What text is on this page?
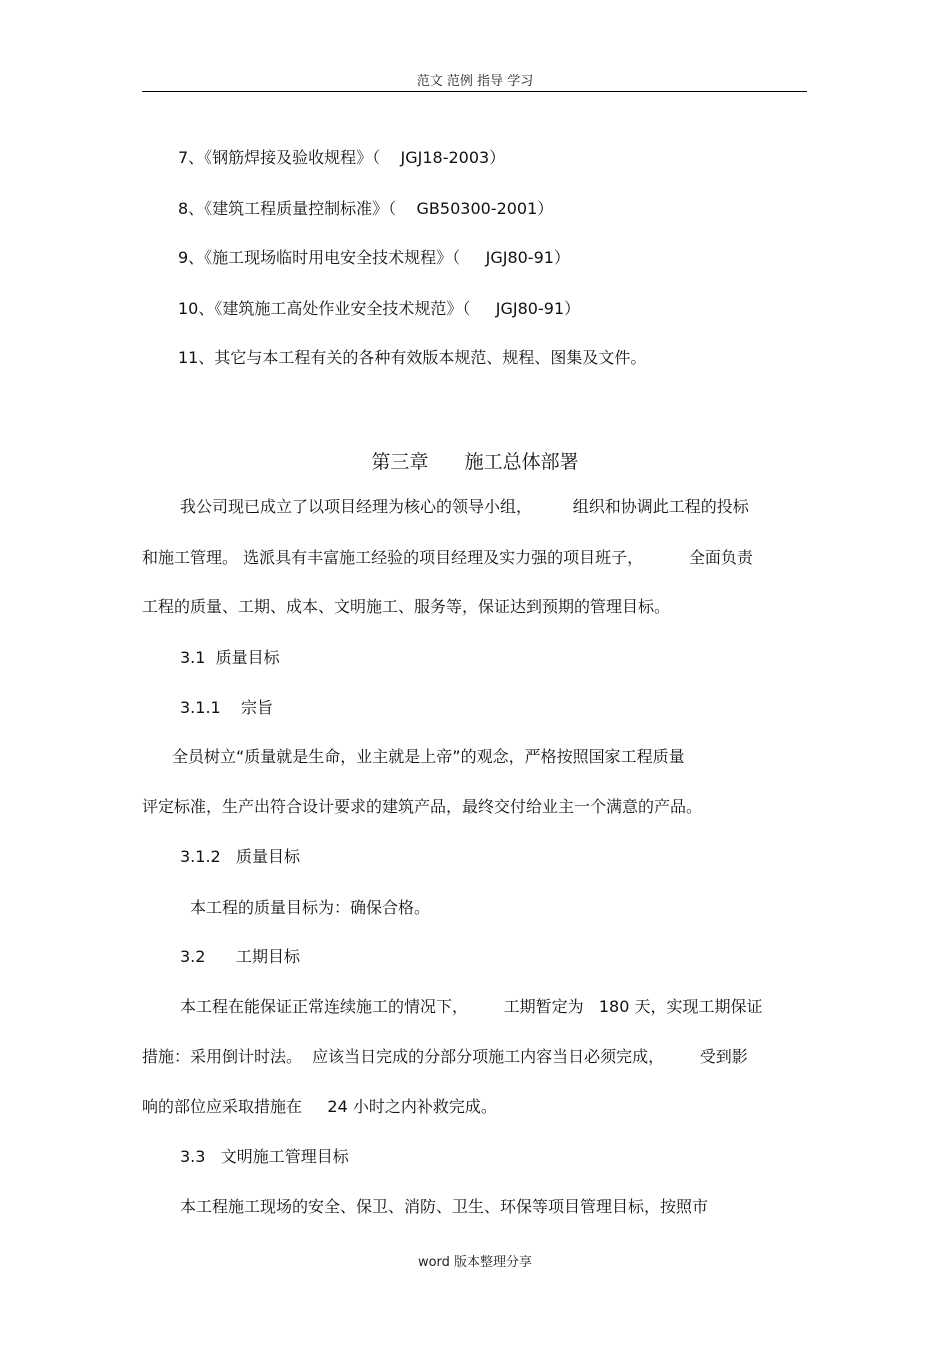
范文 范例 指导 学习
7、《钢筋焊接及验收规程》（    JGJ18-2003）
8、《建筑工程质量控制标准》（    GB50300-2001）
9、《施工现场临时用电安全技术规程》（     JGJ80-91）
10、《建筑施工高处作业安全技术规范》（     JGJ80-91）
11、其它与本工程有关的各种有效版本规范、规程、图集及文件。
第三章      施工总体部署
我公司现已成立了以项目经理为核心的领导小组，        组织和协调此工程的投标
和施工管理。 选派具有丰富施工经验的项目经理及实力强的项目班子，         全面负责
工程的质量、工期、成本、文明施工、服务等，保证达到预期的管理目标。
3.1  质量目标
3.1.1    宗旨
全员树立“质量就是生命，业主就是上帝”的观念，严格按照国家工程质量
评定标准，生产出符合设计要求的建筑产品，最终交付给业主一个满意的产品。
3.1.2   质量目标
本工程的质量目标为：确保合格。
3.2      工期目标
本工程在能保证正常连续施工的情况下，       工期暂定为   180 天，实现工期保证
措施：采用倒计时法。  应该当日完成的分部分项施工内容当日必须完成，       受到影
响的部位应采取措施在     24 小时之内补救完成。
3.3   文明施工管理目标
本工程施工现场的安全、保卫、消防、卫生、环保等项目管理目标，按照市
word 版本整理分享
